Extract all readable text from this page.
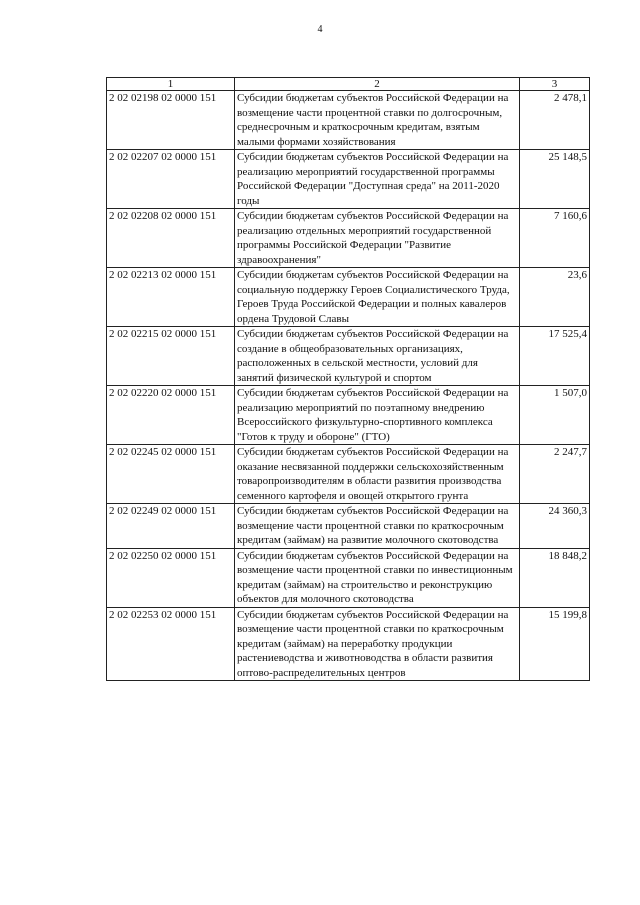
4
1	2	3
2 02 02198 02 0000 151	Субсидии бюджетам субъектов Российской Федерации на возмещение части процентной ставки по долгосрочным, среднесрочным и краткосрочным кредитам, взятым малыми формами хозяйствования	2 478,1
2 02 02207 02 0000 151	Субсидии бюджетам субъектов Российской Федерации на реализацию мероприятий государственной программы Российской Федерации "Доступная среда" на 2011-2020 годы	25 148,5
2 02 02208 02 0000 151	Субсидии бюджетам субъектов Российской Федерации на реализацию отдельных мероприятий государственной программы Российской Федерации "Развитие здравоохранения"	7 160,6
2 02 02213 02 0000 151	Субсидии бюджетам субъектов Российской Федерации на социальную поддержку Героев Социалистического Труда, Героев Труда Российской Федерации и полных кавалеров ордена Трудовой Славы	23,6
2 02 02215 02 0000 151	Субсидии бюджетам субъектов Российской Федерации на создание в общеобразовательных организациях, расположенных в сельской местности, условий для занятий физической культурой и спортом	17 525,4
2 02 02220 02 0000 151	Субсидии бюджетам субъектов Российской Федерации на реализацию мероприятий по поэтапному внедрению Всероссийского физкультурно-спортивного комплекса "Готов к труду и обороне" (ГТО)	1 507,0
2 02 02245 02 0000 151	Субсидии бюджетам субъектов Российской Федерации на оказание несвязанной поддержки сельскохозяйственным товаропроизводителям в области развития производства семенного картофеля и овощей открытого грунта	2 247,7
2 02 02249 02 0000 151	Субсидии бюджетам субъектов Российской Федерации на возмещение части процентной ставки по краткосрочным кредитам (займам) на развитие молочного скотоводства	24 360,3
2 02 02250 02 0000 151	Субсидии бюджетам субъектов Российской Федерации на возмещение части процентной ставки по инвестиционным кредитам (займам) на строительство и реконструкцию объектов для молочного скотоводства	18 848,2
2 02 02253 02 0000 151	Субсидии бюджетам субъектов Российской Федерации на возмещение части процентной ставки по краткосрочным кредитам (займам) на переработку продукции растениеводства и животноводства в области развития оптово-распределительных центров	15 199,8
